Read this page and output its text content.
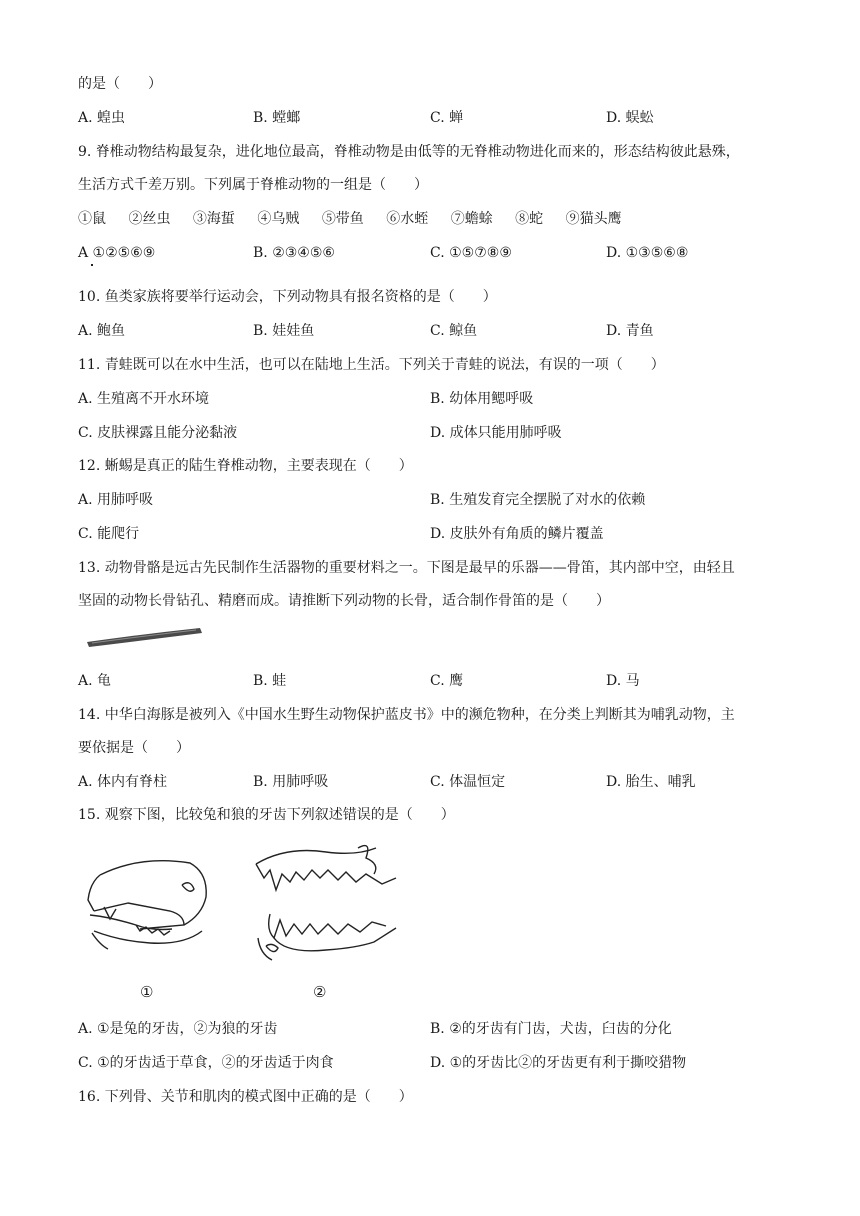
的是（　　）
A. 蝗虫	B. 螳螂	C. 蝉	D. 蜈蚣
9. 脊椎动物结构最复杂，进化地位最高，脊椎动物是由低等的无脊椎动物进化而来的，形态结构彼此悬殊，
生活方式千差万别。下列属于脊椎动物的一组是（　　）
①鼠 ②丝虫 ③海蜇 ④乌贼 ⑤带鱼 ⑥水蛭 ⑦蟾蜍 ⑧蛇 ⑨猫头鹰
A ①②⑤⑥⑨	B. ②③④⑤⑥	C. ①⑤⑦⑧⑨	D. ①③⑤⑥⑧
10. 鱼类家族将要举行运动会，下列动物具有报名资格的是（　　）
A. 鲍鱼	B. 娃娃鱼	C. 鲸鱼	D. 青鱼
11. 青蛙既可以在水中生活，也可以在陆地上生活。下列关于青蛙的说法，有误的一项（　　）
A. 生殖离不开水环境	B. 幼体用鳃呼吸
C. 皮肤裸露且能分泌黏液	D. 成体只能用肺呼吸
12. 蜥蜴是真正的陆生脊椎动物，主要表现在（　　）
A. 用肺呼吸	B. 生殖发育完全摆脱了对水的依赖
C. 能爬行	D. 皮肤外有角质的鳞片覆盖
13. 动物骨骼是远古先民制作生活器物的重要材料之一。下图是最早的乐器——骨笛，其内部中空，由轻且
坚固的动物长骨钻孔、精磨而成。请推断下列动物的长骨，适合制作骨笛的是（　　）
A. 龟	B. 蛙	C. 鹰	D. 马
14. 中华白海豚是被列入《中国水生野生动物保护蓝皮书》中的濒危物种，在分类上判断其为哺乳动物，主
要依据是（　　）
A. 体内有脊柱	B. 用肺呼吸	C. 体温恒定	D. 胎生、哺乳
15. 观察下图，比较兔和狼的牙齿下列叙述错误的是（　　）
①	②
A. ①是兔的牙齿，②为狼的牙齿	B. ②的牙齿有门齿，犬齿，臼齿的分化
C. ①的牙齿适于草食，②的牙齿适于肉食	D. ①的牙齿比②的牙齿更有利于撕咬猎物
16. 下列骨、关节和肌肉的模式图中正确的是（　　）
